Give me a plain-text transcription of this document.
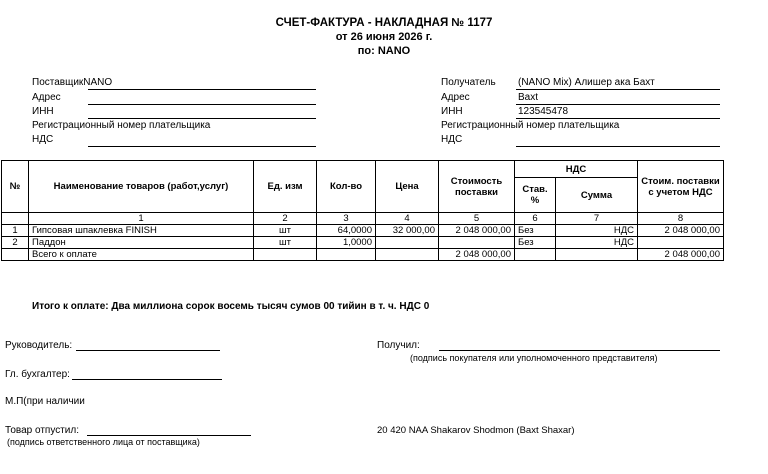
СЧЕТ-ФАКТУРА - НАКЛАДНАЯ № 1177
от 26 июня 2026 г.
по: NANO
ПоставщикNANO
Адрес
ИНН
Регистрационный номер плательщика
НДС
Получатель (NANO Mix) Алишер ака Бахт
Адрес	Baxt
ИНН	123545478
Регистрационный номер плательщика
НДС
№	Наименование товаров (работ,услуг)	Ед. изм	Кол-во	Цена	Стоимость поставки	НДС		Стоим. поставки с учетом НДС
						Став. %	Сумма	
	1	2	3	4	5	6	7	8
1	Гипсовая шпаклевка FINISH	шт	64,0000	32 000,00	2 048 000,00	Без	НДС	2 048 000,00
2	Паддон	шт	1,0000			Без	НДС	
	Всего к оплате				2 048 000,00			2 048 000,00
Итого к оплате: Два миллиона сорок восемь тысяч сумов 00 тийин в т. ч. НДС 0
Руководитель:
Гл. бухгалтер:
М.П(при наличии
Товар отпустил:
(подпись ответственного лица от поставщика)
Получил:
(подпись покупателя или уполномоченного представителя)
20 420 NAA Shakarov Shodmon (Baxt Shaxar)
